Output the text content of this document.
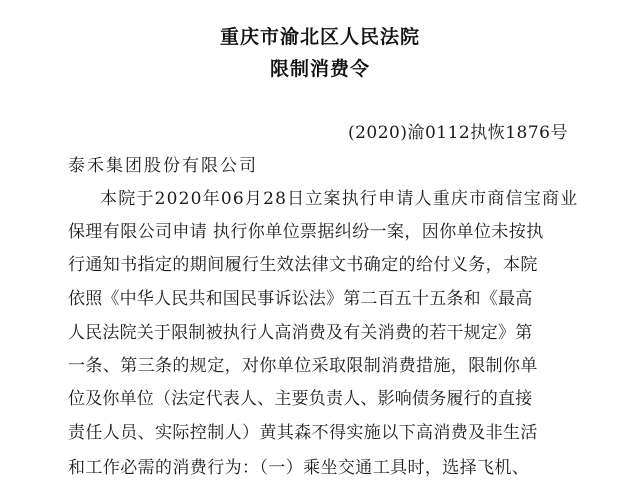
重庆市渝北区人民法院
限制消费令
(2020)渝0112执恢1876号
泰禾集团股份有限公司
本院于2020年06月28日立案执行申请人重庆市商信宝商业
保理有限公司申请 执行你单位票据纠纷一案，因你单位未按执
行通知书指定的期间履行生效法律文书确定的给付义务，本院
依照《中华人民共和国民事诉讼法》第二百五十五条和《最高
人民法院关于限制被执行人高消费及有关消费的若干规定》第
一条、第三条的规定，对你单位采取限制消费措施，限制你单
位及你单位（法定代表人、主要负责人、影响债务履行的直接
责任人员、实际控制人）黄其森不得实施以下高消费及非生活
和工作必需的消费行为：（一）乘坐交通工具时，选择飞机、
